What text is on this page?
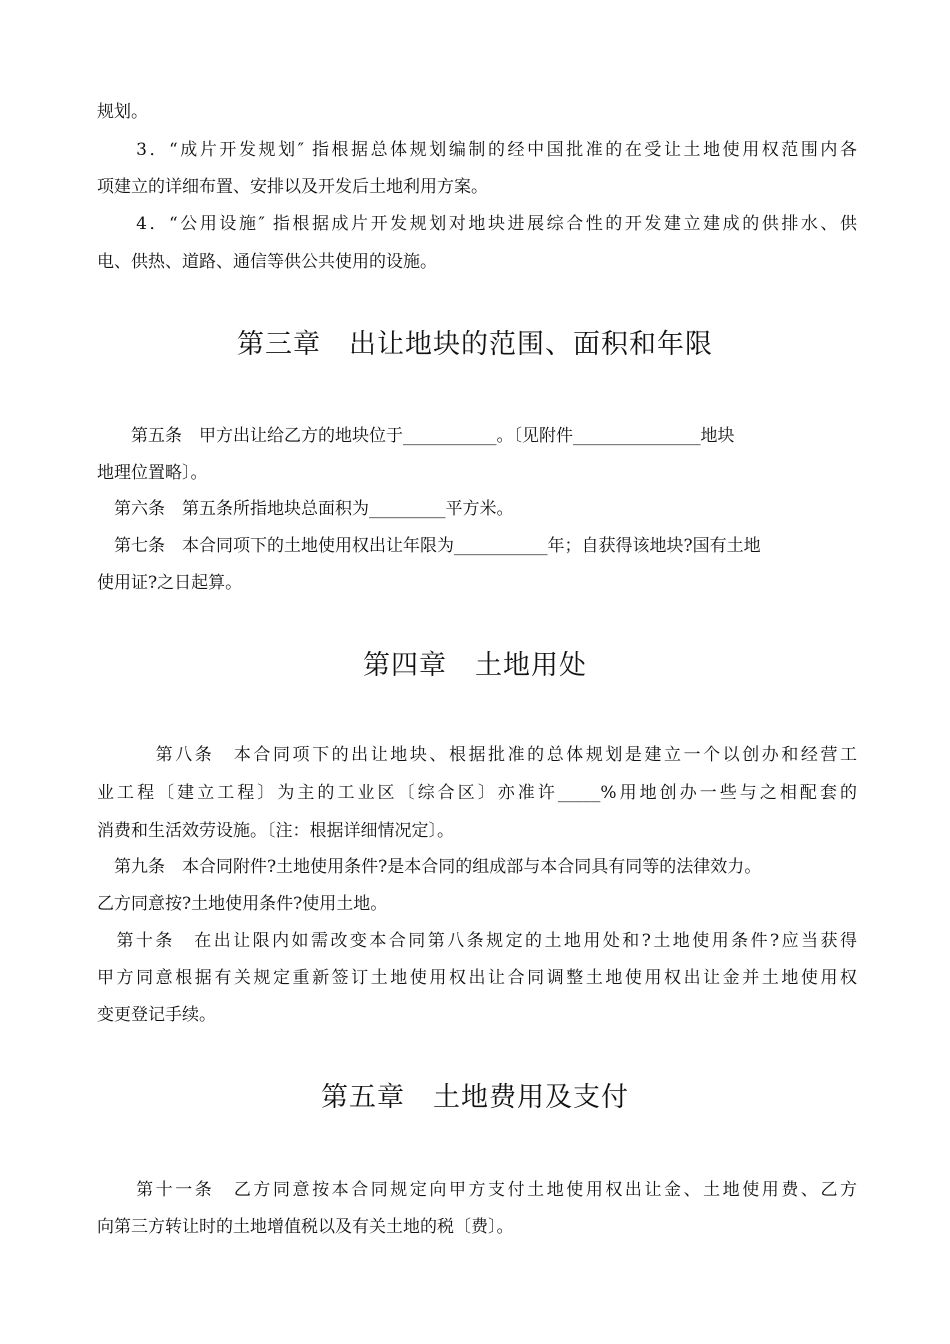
规划。
　　3．“成片开发规划″ 指根据总体规划编制的经中国批准的在受让土地使用权范围内各
项建立的详细布置、安排以及开发后土地利用方案。
　　4．“公用设施″ 指根据成片开发规划对地块进展综合性的开发建立建成的供排水、供
电、供热、道路、通信等供公共使用的设施。
第三章　出让地块的范围、面积和年限
　　第五条　甲方出让给乙方的地块位于___________。〔见附件_______________地块
地理位置略〕。
　第六条　第五条所指地块总面积为_________平方米。
　第七条　本合同项下的土地使用权出让年限为___________年；自获得该地块?国有土地
使用证?之日起算。
第四章　土地用处
　　　第八条　本合同项下的出让地块、根据批准的总体规划是建立一个以创办和经营工
业工程〔建立工程〕为主的工业区〔综合区〕亦准许_____%用地创办一些与之相配套的
消费和生活效劳设施。〔注：根据详细情况定〕。
　第九条　本合同附件?土地使用条件?是本合同的组成部与本合同具有同等的法律效力。
乙方同意按?土地使用条件?使用土地。
　第十条　在出让限内如需改变本合同第八条规定的土地用处和?土地使用条件?应当获得
甲方同意根据有关规定重新签订土地使用权出让合同调整土地使用权出让金并土地使用权
变更登记手续。
第五章　土地费用及支付
　　第十一条　乙方同意按本合同规定向甲方支付土地使用权出让金、土地使用费、乙方
向第三方转让时的土地增值税以及有关土地的税〔费〕。
